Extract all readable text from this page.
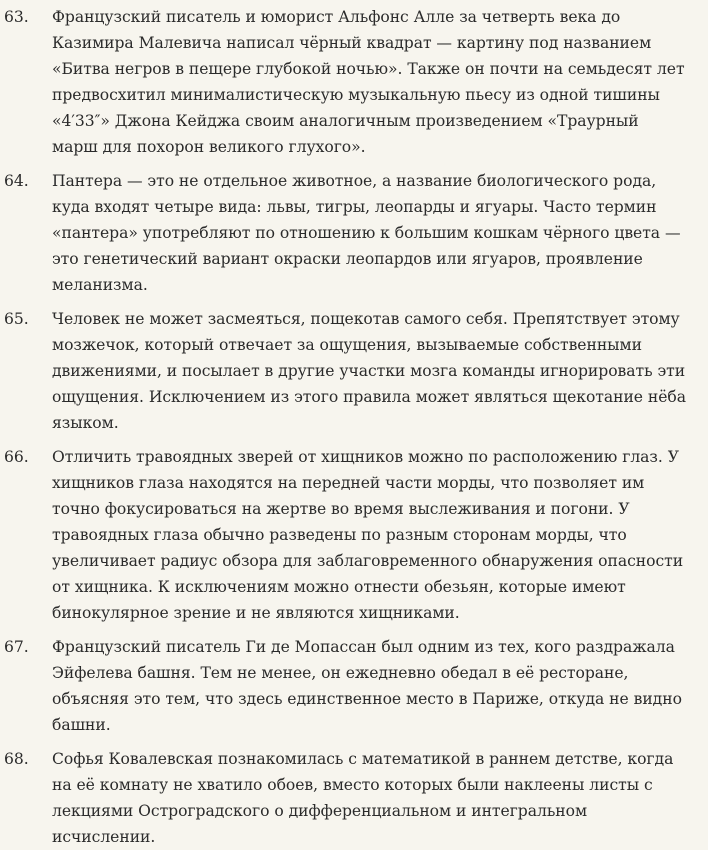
63.	Французский писатель и юморист Альфонс Алле за четверть века до Казимира Малевича написал чёрный квадрат — картину под названием «Битва негров в пещере глубокой ночью». Также он почти на семьдесят лет предвосхитил минималистическую музыкальную пьесу из одной тишины «4′33″» Джона Кейджа своим аналогичным произведением «Траурный марш для похорон великого глухого».
64.	Пантера — это не отдельное животное, а название биологического рода, куда входят четыре вида: львы, тигры, леопарды и ягуары. Часто термин «пантера» употребляют по отношению к большим кошкам чёрного цвета — это генетический вариант окраски леопардов или ягуаров, проявление меланизма.
65.	Человек не может засмеяться, пощекотав самого себя. Препятствует этому мозжечок, который отвечает за ощущения, вызываемые собственными движениями, и посылает в другие участки мозга команды игнорировать эти ощущения. Исключением из этого правила может являться щекотание нёба языком.
66.	Отличить травоядных зверей от хищников можно по расположению глаз. У хищников глаза находятся на передней части морды, что позволяет им точно фокусироваться на жертве во время выслеживания и погони. У травоядных глаза обычно разведены по разным сторонам морды, что увеличивает радиус обзора для заблаговременного обнаружения опасности от хищника. К исключениям можно отнести обезьян, которые имеют бинокулярное зрение и не являются хищниками.
67.	Французский писатель Ги де Мопассан был одним из тех, кого раздражала Эйфелева башня. Тем не менее, он ежедневно обедал в её ресторане, объясняя это тем, что здесь единственное место в Париже, откуда не видно башни.
68.	Софья Ковалевская познакомилась с математикой в раннем детстве, когда на её комнату не хватило обоев, вместо которых были наклеены листы с лекциями Остроградского о дифференциальном и интегральном исчислении.
